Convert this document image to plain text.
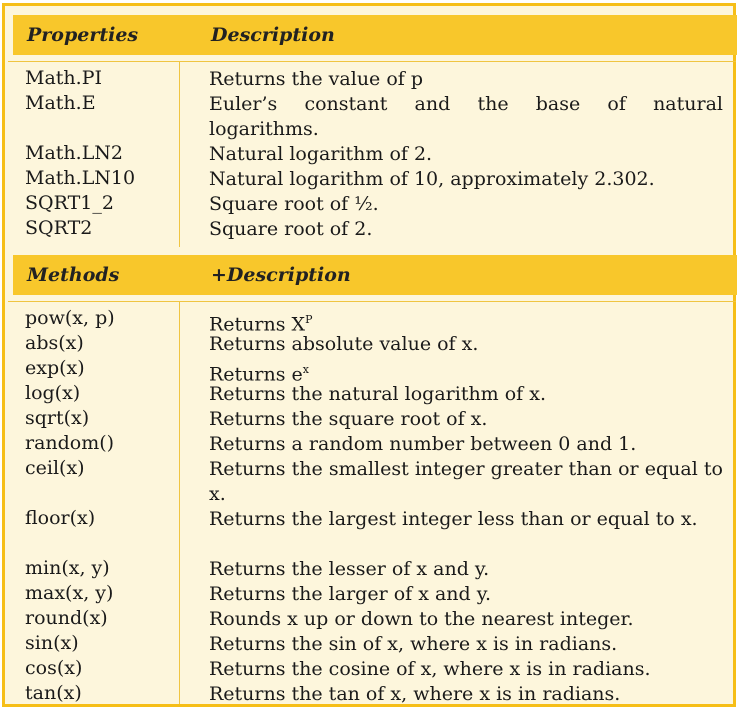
Properties	Description
Math.PI	Returns the value of p
Math.E	Euler’s constant and the base of natural logarithms.
Math.LN2	Natural logarithm of 2.
Math.LN10	Natural logarithm of 10, approximately 2.302.
SQRT1_2	Square root of ½.
SQRT2	Square root of 2.
Methods	+Description
pow(x, p)	Returns $X^P$
abs(x)	Returns absolute value of x.
exp(x)	Returns $e^x$
log(x)	Returns the natural logarithm of x.
sqrt(x)	Returns the square root of x.
random()	Returns a random number between 0 and 1.
ceil(x)	Returns the smallest integer greater than or equal to x.
floor(x)	Returns the largest integer less than or equal to x.
min(x, y)	Returns the lesser of x and y.
max(x, y)	Returns the larger of x and y.
round(x)	Rounds x up or down to the nearest integer.
sin(x)	Returns the sin of x, where x is in radians.
cos(x)	Returns the cosine of x, where x is in radians.
tan(x)	Returns the tan of x, where x is in radians.
